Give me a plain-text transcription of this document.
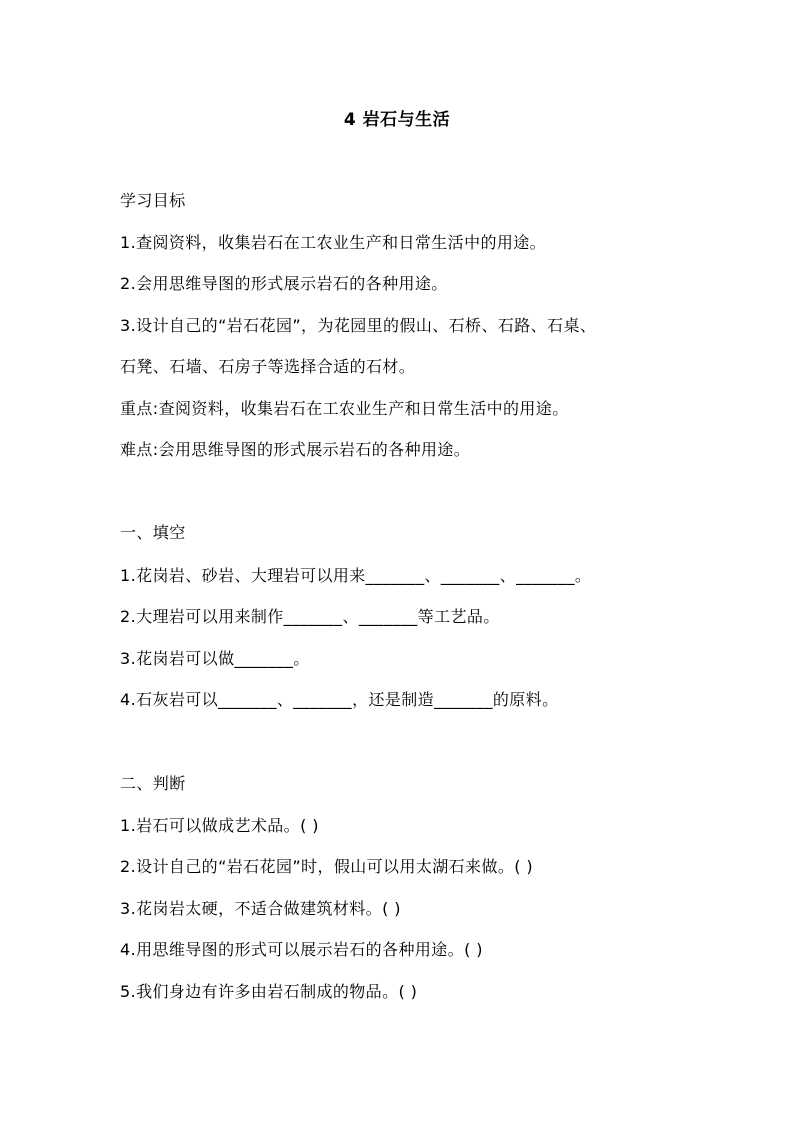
4 岩石与生活
学习目标
1.查阅资料，收集岩石在工农业生产和日常生活中的用途。
2.会用思维导图的形式展示岩石的各种用途。
3.设计自己的“岩石花园”，为花园里的假山、石桥、石路、石桌、
石凳、石墙、石房子等选择合适的石材。
重点:查阅资料，收集岩石在工农业生产和日常生活中的用途。
难点:会用思维导图的形式展示岩石的各种用途。
一、填空
1.花岗岩、砂岩、大理岩可以用来_______、_______、_______。
2.大理岩可以用来制作_______、_______等工艺品。
3.花岗岩可以做_______。
4.石灰岩可以_______、_______，还是制造_______的原料。
二、判断
1.岩石可以做成艺术品。( )
2.设计自己的“岩石花园”时，假山可以用太湖石来做。( )
3.花岗岩太硬，不适合做建筑材料。( )
4.用思维导图的形式可以展示岩石的各种用途。( )
5.我们身边有许多由岩石制成的物品。( )
